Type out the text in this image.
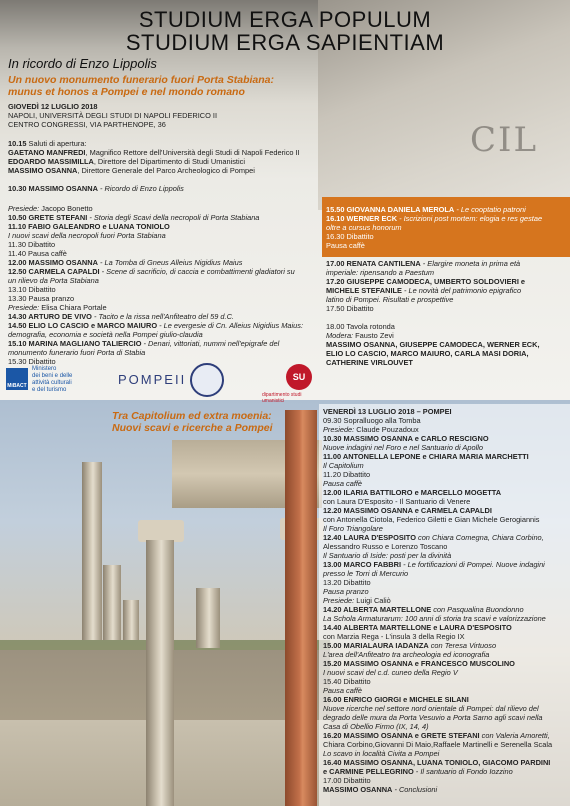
CIL
STUDIUM ERGA POPULUM
STUDIUM ERGA SAPIENTIAM
In ricordo di Enzo Lippolis
Un nuovo monumento funerario fuori Porta Stabiana:
munus et honos a Pompei e nel mondo romano
GIOVEDÌ 12 LUGLIO 2018
NAPOLI, UNIVERSITÀ DEGLI STUDI DI NAPOLI FEDERICO II
CENTRO CONGRESSI, VIA PARTHENOPE, 36
10.15 Saluti di apertura:
GAETANO MANFREDI, Magnifico Rettore dell'Università degli Studi di Napoli Federico II
EDOARDO MASSIMILLA, Direttore del Dipartimento di Studi Umanistici
MASSIMO OSANNA, Direttore Generale del Parco Archeologico di Pompei
10.30 MASSIMO OSANNA - Ricordo di Enzo Lippolis
Presiede: Jacopo Bonetto
10.50 GRETE STEFANI - Storia degli Scavi della necropoli di Porta Stabiana
11.10 FABIO GALEANDRO e LUANA TONIOLO
I nuovi scavi della necropoli fuori Porta Stabiana
11.30 Dibattito
11.40 Pausa caffè
12.00 MASSIMO OSANNA - La Tomba di Gneus Alleius Nigidius Maius
12.50 CARMELA CAPALDI - Scene di sacrificio, di caccia e combattimenti gladiatori su
un rilievo da Porta Stabiana
13.10 Dibattito
13.30 Pausa pranzo
Presiede: Elisa Chiara Portale
14.30 ARTURO DE VIVO - Tacito e la rissa nell'Anfiteatro del 59 d.C.
14.50 ELIO LO CASCIO e MARCO MAIURO - Le evergesie di Cn. Alleius Nigidius Maius:
demografia, economia e società nella Pompei giulio-claudia
15.10 MARINA MAGLIANO TALIERCIO - Denari, vittoriati, nummi nell'epigrafe del
monumento funerario fuori Porta di Stabia
15.30 Dibattito
15.50 GIOVANNA DANIELA MEROLA - Le cooptatio patroni
16.10 WERNER ECK - Iscrizioni post mortem: elogia e res gestae
oltre a cursus honorum
16.30 Dibattito
Pausa caffè
17.00 RENATA CANTILENA - Elargire moneta in prima età
imperiale: ripensando a Paestum
17.20 GIUSEPPE CAMODECA, UMBERTO SOLDOVIERI e
MICHELE STEFANILE - Le novità del patrimonio epigrafico
latino di Pompei. Risultati e prospettive
17.50 Dibattito
18.00 Tavola rotonda
Modera: Fausto Zevi
MASSIMO OSANNA, GIUSEPPE CAMODECA, WERNER ECK,
ELIO LO CASCIO, MARCO MAIURO, CARLA MASI DORIA,
CATHERINE VIRLOUVET
MiBACT
Ministero
dei beni e delle
attività culturali
e del turismo
POMPEII	SU
dipartimento studi umanistici
Tra Capitolium ed extra moenia:
Nuovi scavi e ricerche a Pompei
VENERDÌ 13 LUGLIO 2018 – POMPEI
09.30 Sopralluogo alla Tomba
Presiede: Claude Pouzadoux
10.30 MASSIMO OSANNA e CARLO RESCIGNO
Nuove indagini nel Foro e nel Santuario di Apollo
11.00 ANTONELLA LEPONE e CHIARA MARIA MARCHETTI
Il Capitolium
11.20 Dibattito
Pausa caffè
12.00 ILARIA BATTILORO e MARCELLO MOGETTA
con Laura D'Esposito - Il Santuario di Venere
12.20 MASSIMO OSANNA e CARMELA CAPALDI
con Antonella Ciotola, Federico Giletti e Gian Michele Gerogiannis
Il Foro Triangolare
12.40 LAURA D'ESPOSITO con Chiara Comegna, Chiara Corbino,
Alessandro Russo e Lorenzo Toscano
Il Santuario di Iside: posti per la divinità
13.00 MARCO FABBRI - Le fortificazioni di Pompei. Nuove indagini
presso le Torri di Mercurio
13.20 Dibattito
Pausa pranzo
Presiede: Luigi Caliò
14.20 ALBERTA MARTELLONE con Pasqualina Buondonno
La Schola Armaturarum: 100 anni di storia tra scavi e valorizzazione
14.40 ALBERTA MARTELLONE e LAURA D'ESPOSITO
con Marzia Rega - L'insula 3 della Regio IX
15.00 MARIALAURA IADANZA con Teresa Virtuoso
L'area dell'Anfiteatro tra archeologia ed iconografia
15.20 MASSIMO OSANNA e FRANCESCO MUSCOLINO
I nuovi scavi del c.d. cuneo della Regio V
15.40 Dibattito
Pausa caffè
16.00 ENRICO GIORGI e MICHELE SILANI
Nuove ricerche nel settore nord orientale di Pompei: dal rilievo del
degrado delle mura da Porta Vesuvio a Porta Sarno agli scavi nella
Casa di Obellio Firmo (IX, 14, 4)
16.20 MASSIMO OSANNA e GRETE STEFANI con Valeria Amoretti,
Chiara Corbino,Giovanni Di Maio,Raffaele Martinelli e Serenella Scala
Lo scavo in località Civita a Pompei
16.40 MASSIMO OSANNA, LUANA TONIOLO, GIACOMO PARDINI
e CARMINE PELLEGRINO - Il santuario di Fondo Iozzino
17.00 Dibattito
MASSIMO OSANNA - Conclusioni
